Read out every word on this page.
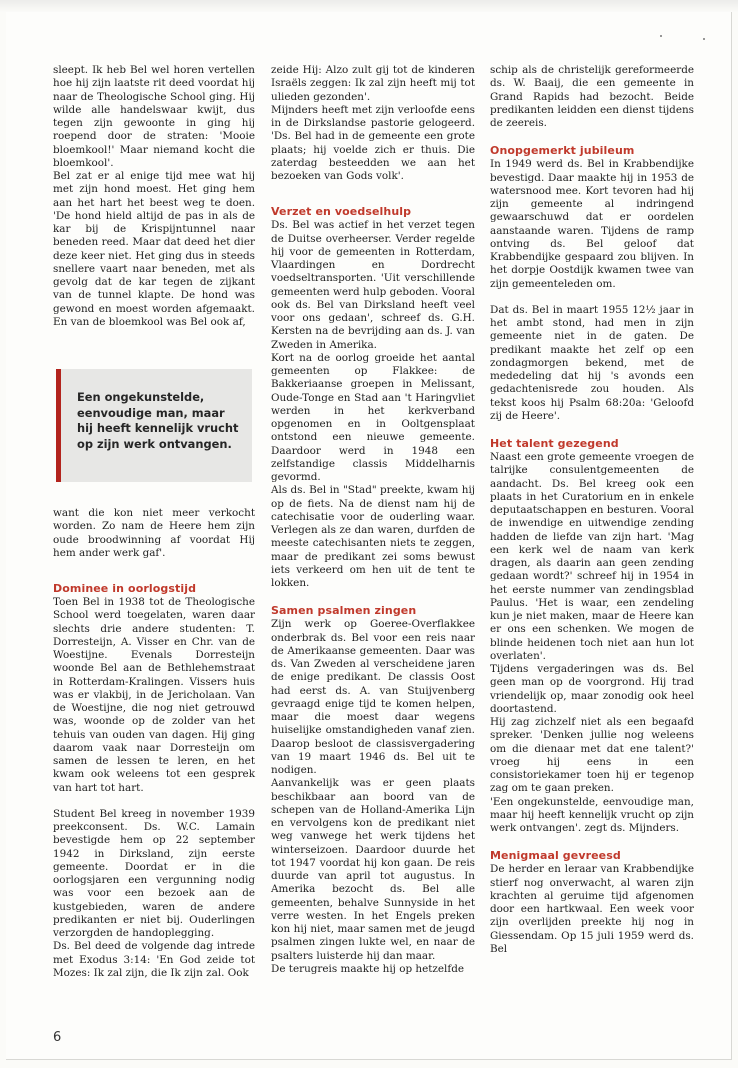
sleept. Ik heb Bel wel horen vertellen hoe hij zijn laatste rit deed voordat hij naar de Theologische School ging. Hij wilde alle handelswaar kwijt, dus tegen zijn gewoonte in ging hij roepend door de straten: 'Mooie bloemkool!' Maar niemand kocht die bloemkool'.

Bel zat er al enige tijd mee wat hij met zijn hond moest. Het ging hem aan het hart het beest weg te doen. 'De hond hield altijd de pas in als de kar bij de Krispijntunnel naar beneden reed. Maar dat deed het dier deze keer niet. Het ging dus in steeds snellere vaart naar beneden, met als gevolg dat de kar tegen de zijkant van de tunnel klapte. De hond was gewond en moest worden afgemaakt. En van de bloemkool was Bel ook af,

Een ongekunstelde, eenvoudige man, maar hij heeft kennelijk vrucht op zijn werk ontvangen.

want die kon niet meer verkocht worden. Zo nam de Heere hem zijn oude broodwinning af voordat Hij hem ander werk gaf'.

Dominee in oorlogstijd

Toen Bel in 1938 tot de Theologische School werd toegelaten, waren daar slechts drie andere studenten: T. Dorresteijn, A. Visser en Chr. van de Woestijne. Evenals Dorresteijn woonde Bel aan de Bethlehemstraat in Rotterdam-Kralingen. Vissers huis was er vlakbij, in de Jericholaan. Van de Woestijne, die nog niet getrouwd was, woonde op de zolder van het tehuis van ouden van dagen. Hij ging daarom vaak naar Dorresteijn om samen de lessen te leren, en het kwam ook weleens tot een gesprek van hart tot hart.

Student Bel kreeg in november 1939 preekconsent. Ds. W.C. Lamain bevestigde hem op 22 september 1942 in Dirksland, zijn eerste gemeente. Doordat er in die oorlogsjaren een vergunning nodig was voor een bezoek aan de kustgebieden, waren de andere predikanten er niet bij. Ouderlingen verzorgden de handoplegging.

Ds. Bel deed de volgende dag intrede met Exodus 3:14: 'En God zeide tot Mozes: Ik zal zijn, die Ik zijn zal. Ook

zeide Hij: Alzo zult gij tot de kinderen Israëls zeggen: Ik zal zijn heeft mij tot ulieden gezonden'.

Mijnders heeft met zijn verloofde eens in de Dirkslandse pastorie gelogeerd. 'Ds. Bel had in de gemeente een grote plaats; hij voelde zich er thuis. Die zaterdag besteedden we aan het bezoeken van Gods volk'.

Verzet en voedselhulp

Ds. Bel was actief in het verzet tegen de Duitse overheerser. Verder regelde hij voor de gemeenten in Rotterdam, Vlaardingen en Dordrecht voedseltransporten. 'Uit verschillende gemeenten werd hulp geboden. Vooral ook ds. Bel van Dirksland heeft veel voor ons gedaan', schreef ds. G.H. Kersten na de bevrijding aan ds. J. van Zweden in Amerika.

Kort na de oorlog groeide het aantal gemeenten op Flakkee: de Bakkeriaanse groepen in Melissant, Oude-Tonge en Stad aan 't Haringvliet werden in het kerkverband opgenomen en in Ooltgensplaat ontstond een nieuwe gemeente. Daardoor werd in 1948 een zelfstandige classis Middelharnis gevormd.

Als ds. Bel in "Stad" preekte, kwam hij op de fiets. Na de dienst nam hij de catechisatie voor de ouderling waar. Verlegen als ze dan waren, durfden de meeste catechisanten niets te zeggen, maar de predikant zei soms bewust iets verkeerd om hen uit de tent te lokken.

Samen psalmen zingen

Zijn werk op Goeree-Overflakkee onderbrak ds. Bel voor een reis naar de Amerikaanse gemeenten. Daar was ds. Van Zweden al verscheidene jaren de enige predikant. De classis Oost had eerst ds. A. van Stuijvenberg gevraagd enige tijd te komen helpen, maar die moest daar wegens huiselijke omstandigheden vanaf zien. Daarop besloot de classisvergadering van 19 maart 1946 ds. Bel uit te nodigen.

Aanvankelijk was er geen plaats beschikbaar aan boord van de schepen van de Holland-Amerika Lijn en vervolgens kon de predikant niet weg vanwege het werk tijdens het winterseizoen. Daardoor duurde het tot 1947 voordat hij kon gaan. De reis duurde van april tot augustus. In Amerika bezocht ds. Bel alle gemeenten, behalve Sunnyside in het verre westen. In het Engels preken kon hij niet, maar samen met de jeugd psalmen zingen lukte wel, en naar de psalters luisterde hij dan maar.

De terugreis maakte hij op hetzelfde

schip als de christelijk gereformeerde ds. W. Baaij, die een gemeente in Grand Rapids had bezocht. Beide predikanten leidden een dienst tijdens de zeereis.

Onopgemerkt jubileum

In 1949 werd ds. Bel in Krabbendijke bevestigd. Daar maakte hij in 1953 de watersnood mee. Kort tevoren had hij zijn gemeente al indringend gewaarschuwd dat er oordelen aanstaande waren. Tijdens de ramp ontving ds. Bel geloof dat Krabbendijke gespaard zou blijven. In het dorpje Oostdijk kwamen twee van zijn gemeenteleden om.

Dat ds. Bel in maart 1955 12½ jaar in het ambt stond, had men in zijn gemeente niet in de gaten. De predikant maakte het zelf op een zondagmorgen bekend, met de mededeling dat hij 's avonds een gedachtenisrede zou houden. Als tekst koos hij Psalm 68:20a: 'Geloofd zij de Heere'.

Het talent gezegend

Naast een grote gemeente vroegen de talrijke consulentgemeenten de aandacht. Ds. Bel kreeg ook een plaats in het Curatorium en in enkele deputaatschappen en besturen. Vooral de inwendige en uitwendige zending hadden de liefde van zijn hart. 'Mag een kerk wel de naam van kerk dragen, als daarin aan geen zending gedaan wordt?' schreef hij in 1954 in het eerste nummer van zendingsblad Paulus. 'Het is waar, een zendeling kun je niet maken, maar de Heere kan er ons een schenken. We mogen de blinde heidenen toch niet aan hun lot overlaten'.

Tijdens vergaderingen was ds. Bel geen man op de voorgrond. Hij trad vriendelijk op, maar zonodig ook heel doortastend.

Hij zag zichzelf niet als een begaafd spreker. 'Denken jullie nog weleens om die dienaar met dat ene talent?' vroeg hij eens in een consistoriekamer toen hij er tegenop zag om te gaan preken.

'Een ongekunstelde, eenvoudige man, maar hij heeft kennelijk vrucht op zijn werk ontvangen'. zegt ds. Mijnders.

Menigmaal gevreesd

De herder en leraar van Krabbendijke stierf nog onverwacht, al waren zijn krachten al geruime tijd afgenomen door een hartkwaal. Een week voor zijn overlijden preekte hij nog in Giessendam. Op 15 juli 1959 werd ds. Bel

6
